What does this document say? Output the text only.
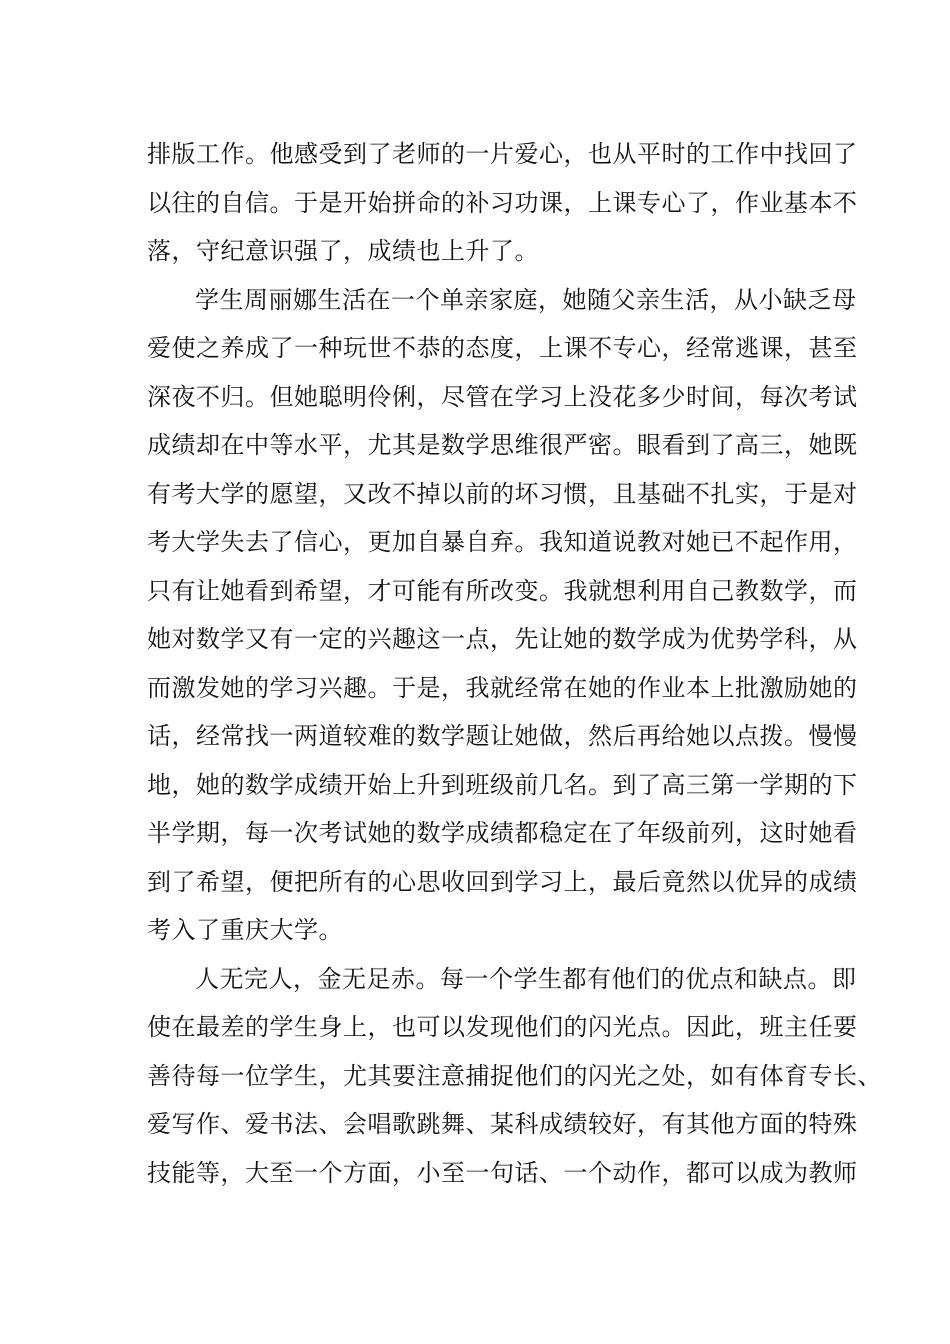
排版工作。他感受到了老师的一片爱心，也从平时的工作中找回了
以往的自信。于是开始拼命的补习功课，上课专心了，作业基本不
落，守纪意识强了，成绩也上升了。
学生周丽娜生活在一个单亲家庭，她随父亲生活，从小缺乏母
爱使之养成了一种玩世不恭的态度，上课不专心，经常逃课，甚至
深夜不归。但她聪明伶俐，尽管在学习上没花多少时间，每次考试
成绩却在中等水平，尤其是数学思维很严密。眼看到了高三，她既
有考大学的愿望，又改不掉以前的坏习惯，且基础不扎实，于是对
考大学失去了信心，更加自暴自弃。我知道说教对她已不起作用，
只有让她看到希望，才可能有所改变。我就想利用自己教数学，而
她对数学又有一定的兴趣这一点，先让她的数学成为优势学科，从
而激发她的学习兴趣。于是，我就经常在她的作业本上批激励她的
话，经常找一两道较难的数学题让她做，然后再给她以点拨。慢慢
地，她的数学成绩开始上升到班级前几名。到了高三第一学期的下
半学期，每一次考试她的数学成绩都稳定在了年级前列，这时她看
到了希望，便把所有的心思收回到学习上，最后竟然以优异的成绩
考入了重庆大学。
人无完人，金无足赤。每一个学生都有他们的优点和缺点。即
使在最差的学生身上，也可以发现他们的闪光点。因此，班主任要
善待每一位学生，尤其要注意捕捉他们的闪光之处，如有体育专长、
爱写作、爱书法、会唱歌跳舞、某科成绩较好，有其他方面的特殊
技能等，大至一个方面，小至一句话、一个动作，都可以成为教师
